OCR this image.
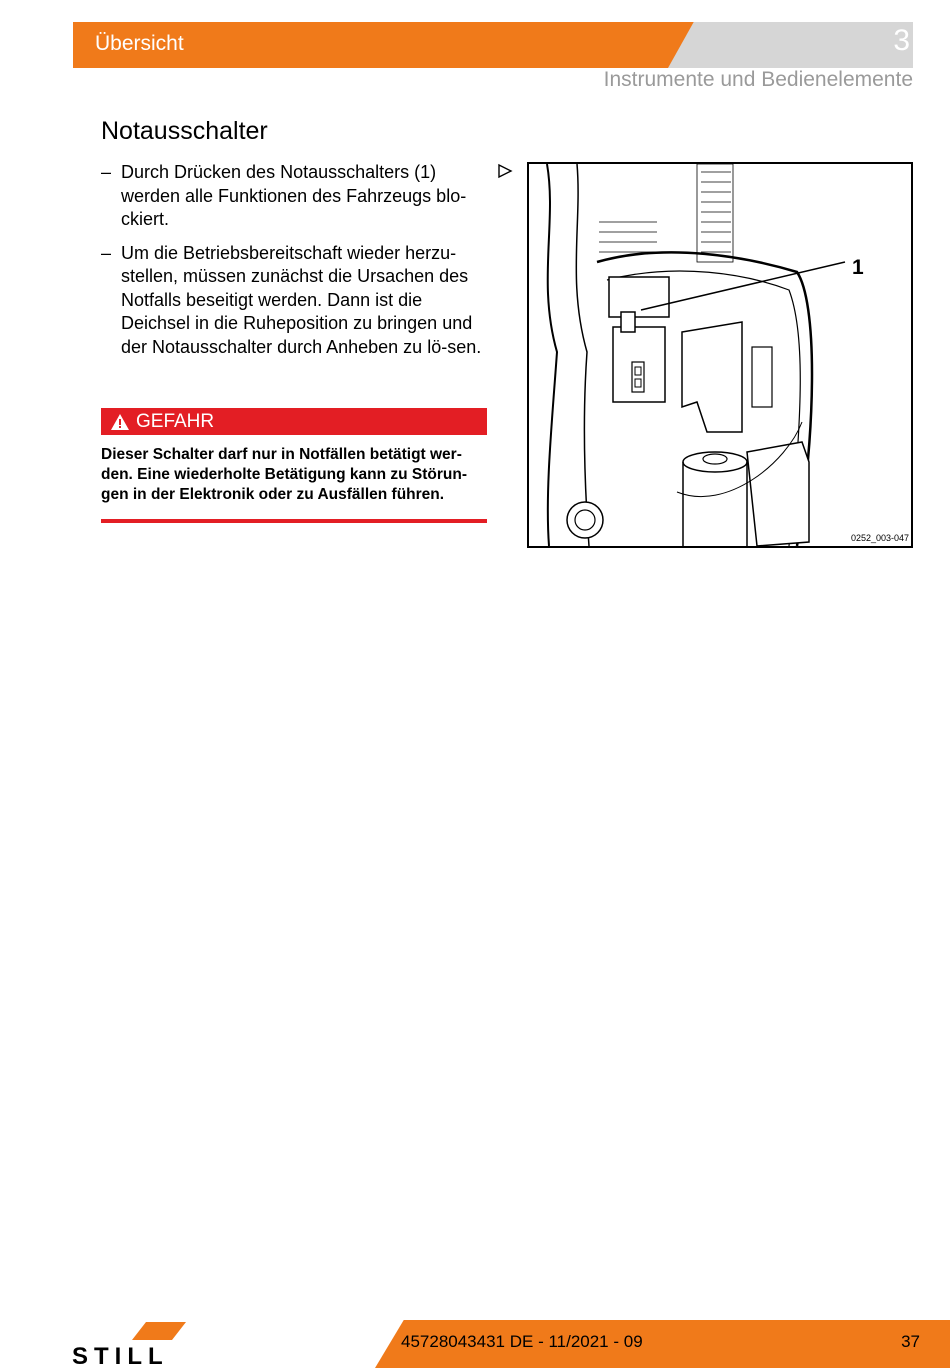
Übersicht	3
Instrumente und Bedienelemente
Notausschalter
– Durch Drücken des Notausschalters (1) werden alle Funktionen des Fahrzeugs blo-ckiert.
– Um die Betriebsbereitschaft wieder herzu-stellen, müssen zunächst die Ursachen des Notfalls beseitigt werden. Dann ist die Deichsel in die Ruheposition zu bringen und der Notausschalter durch Anheben zu lö-sen.
GEFAHR
Dieser Schalter darf nur in Notfällen betätigt wer-den. Eine wiederholte Betätigung kann zu Störun-gen in der Elektronik oder zu Ausfällen führen.
1
0252_003-047
STILL
45728043431 DE - 11/2021 - 09	37
